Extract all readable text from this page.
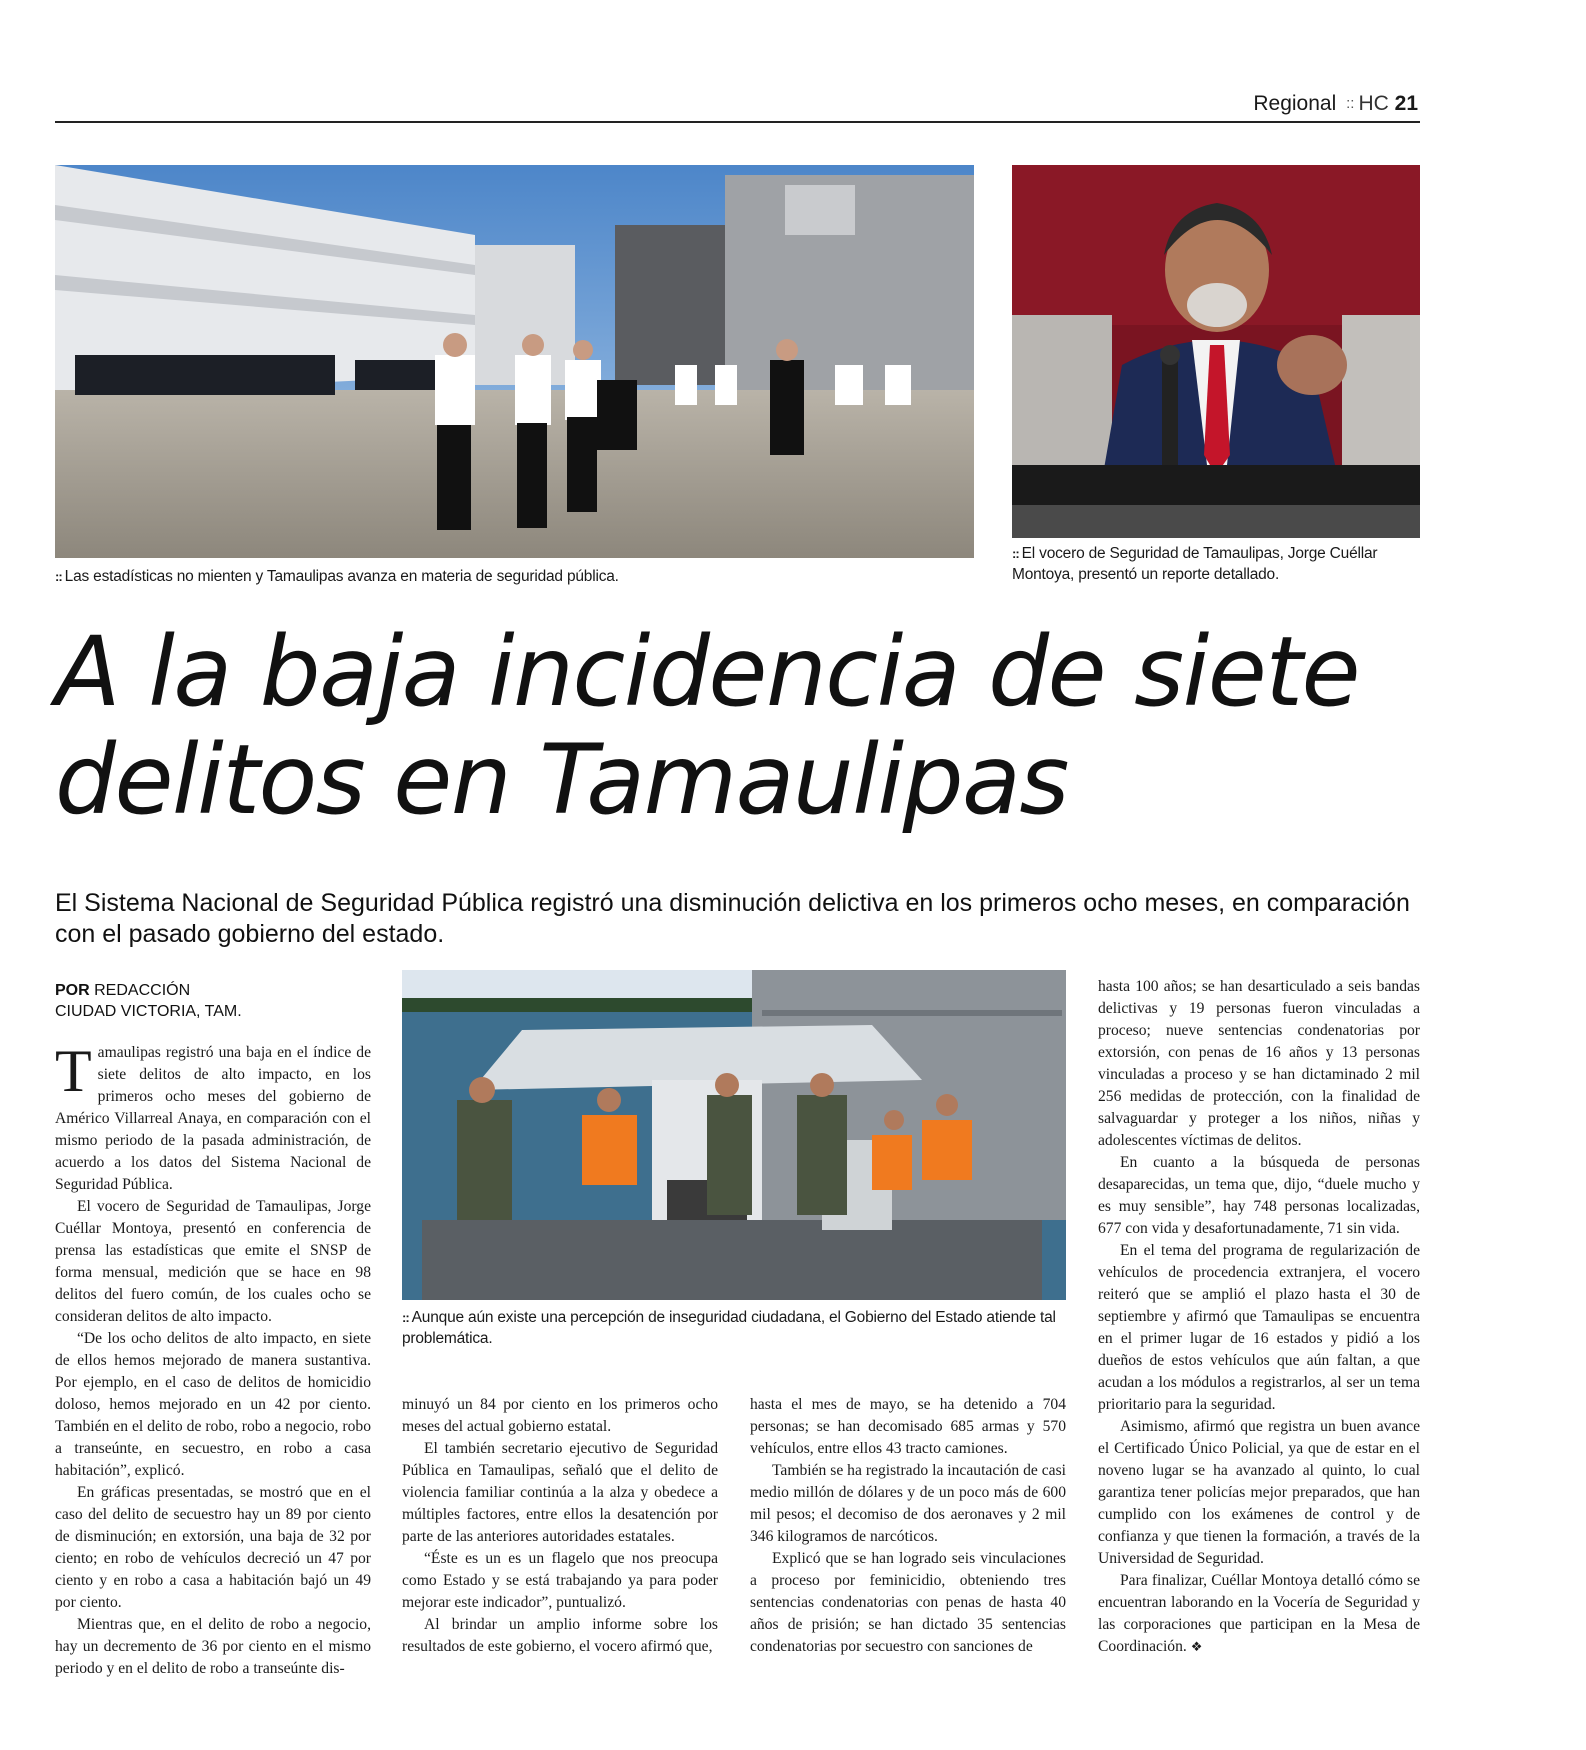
Regional :: HC 21
:: Las estadísticas no mienten y Tamaulipas avanza en materia de seguridad pública.
:: El vocero de Seguridad de Tamaulipas, Jorge Cuéllar Montoya, presentó un reporte detallado.
A la baja incidencia de siete delitos en Tamaulipas

El Sistema Nacional de Seguridad Pública registró una disminución delictiva en los primeros ocho meses, en comparación con el pasado gobierno del estado.

POR REDACCIÓN
CIUDAD VICTORIA, TAM.

Tamaulipas registró una baja en el índice de siete delitos de alto impacto, en los primeros ocho meses del gobierno de Américo Villarreal Anaya, en comparación con el mismo periodo de la pasada administración, de acuerdo a los datos del Sistema Nacional de Seguridad Pública.

El vocero de Seguridad de Tamaulipas, Jorge Cuéllar Montoya, presentó en conferencia de prensa las estadísticas que emite el SNSP de forma mensual, medición que se hace en 98 delitos del fuero común, de los cuales ocho se consideran delitos de alto impacto.

“De los ocho delitos de alto impacto, en siete de ellos hemos mejorado de manera sustantiva. Por ejemplo, en el caso de delitos de homicidio doloso, hemos mejorado en un 42 por ciento. También en el delito de robo, robo a negocio, robo a transeúnte, en secuestro, en robo a casa habitación”, explicó.

En gráficas presentadas, se mostró que en el caso del delito de secuestro hay un 89 por ciento de disminución; en extorsión, una baja de 32 por ciento; en robo de vehículos decreció un 47 por ciento y en robo a casa a habitación bajó un 49 por ciento.

Mientras que, en el delito de robo a negocio, hay un decremento de 36 por ciento en el mismo periodo y en el delito de robo a transeúnte dis-

:: Aunque aún existe una percepción de inseguridad ciudadana, el Gobierno del Estado atiende tal problemática.

minuyó un 84 por ciento en los primeros ocho meses del actual gobierno estatal.

El también secretario ejecutivo de Seguridad Pública en Tamaulipas, señaló que el delito de violencia familiar continúa a la alza y obedece a múltiples factores, entre ellos la desatención por parte de las anteriores autoridades estatales.

“Éste es un es un flagelo que nos preocupa como Estado y se está trabajando ya para poder mejorar este indicador”, puntualizó.

Al brindar un amplio informe sobre los resultados de este gobierno, el vocero afirmó que,

hasta el mes de mayo, se ha detenido a 704 personas; se han decomisado 685 armas y 570 vehículos, entre ellos 43 tracto camiones.

También se ha registrado la incautación de casi medio millón de dólares y de un poco más de 600 mil pesos; el decomiso de dos aeronaves y 2 mil 346 kilogramos de narcóticos.

Explicó que se han logrado seis vinculaciones a proceso por feminicidio, obteniendo tres sentencias condenatorias con penas de hasta 40 años de prisión; se han dictado 35 sentencias condenatorias por secuestro con sanciones de

hasta 100 años; se han desarticulado a seis bandas delictivas y 19 personas fueron vinculadas a proceso; nueve sentencias condenatorias por extorsión, con penas de 16 años y 13 personas vinculadas a proceso y se han dictaminado 2 mil 256 medidas de protección, con la finalidad de salvaguardar y proteger a los niños, niñas y adolescentes víctimas de delitos.

En cuanto a la búsqueda de personas desaparecidas, un tema que, dijo, “duele mucho y es muy sensible”, hay 748 personas localizadas, 677 con vida y desafortunadamente, 71 sin vida.

En el tema del programa de regularización de vehículos de procedencia extranjera, el vocero reiteró que se amplió el plazo hasta el 30 de septiembre y afirmó que Tamaulipas se encuentra en el primer lugar de 16 estados y pidió a los dueños de estos vehículos que aún faltan, a que acudan a los módulos a registrarlos, al ser un tema prioritario para la seguridad.

Asimismo, afirmó que registra un buen avance el Certificado Único Policial, ya que de estar en el noveno lugar se ha avanzado al quinto, lo cual garantiza tener policías mejor preparados, que han cumplido con los exámenes de control y de confianza y que tienen la formación, a través de la Universidad de Seguridad.

Para finalizar, Cuéllar Montoya detalló cómo se encuentran laborando en la Vocería de Seguridad y las corporaciones que participan en la Mesa de Coordinación. ❖
